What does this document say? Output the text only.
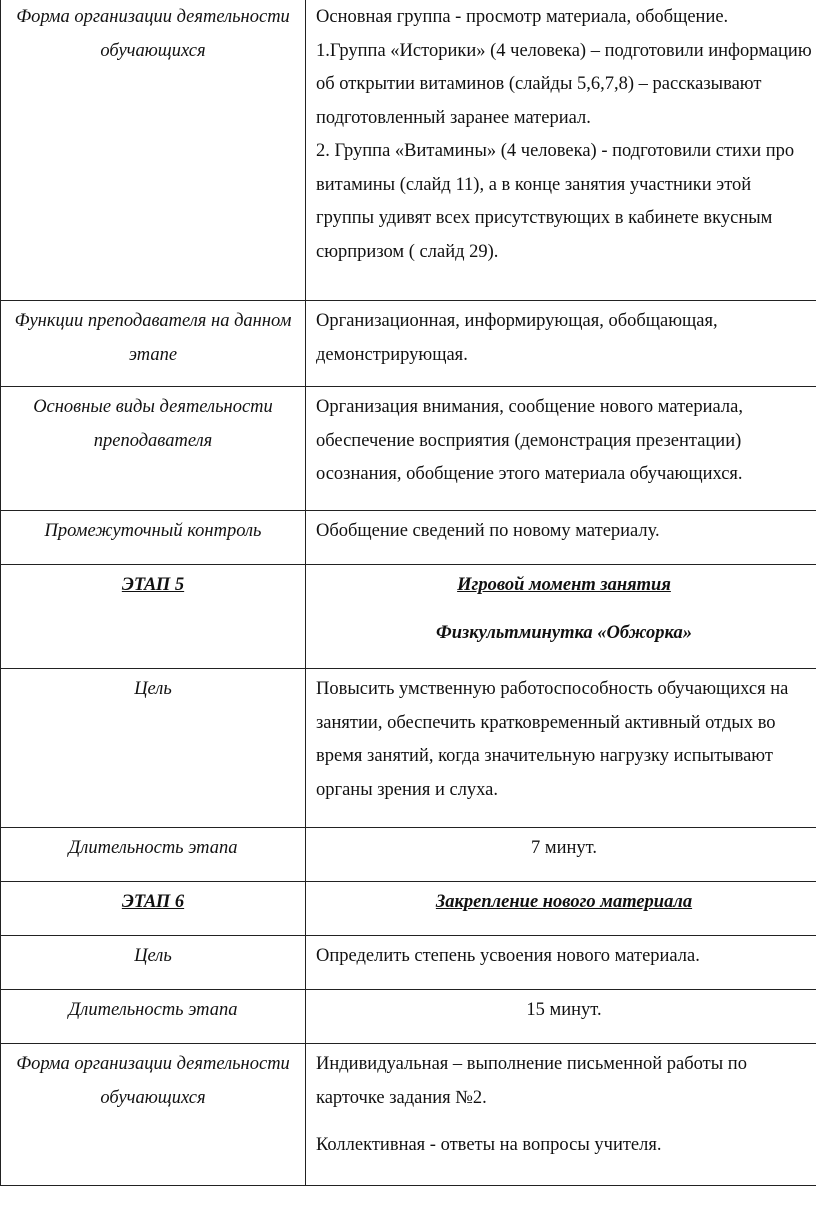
Форма организации деятельности обучающихся	Основная группа - просмотр материала, обобщение.

1.Группа «Историки» (4 человека) – подготовили информацию об открытии витаминов (слайды 5,6,7,8) – рассказывают подготовленный заранее материал.

2. Группа «Витамины» (4 человека) - подготовили стихи про витамины (слайд 11), а в конце занятия участники этой группы удивят всех присутствующих в кабинете вкусным сюрпризом ( слайд 29).

Функции преподавателя на данном этапе	Организационная, информирующая, обобщающая, демонстрирующая.

Основные виды деятельности преподавателя	Организация внимания, сообщение нового материала, обеспечение восприятия (демонстрация презентации) осознания, обобщение этого материала обучающихся.

Промежуточный контроль	Обобщение сведений по новому материалу.

ЭТАП 5	Игровой момент занятия

Физкультминутка «Обжорка»

Цель	Повысить умственную работоспособность обучающихся на занятии, обеспечить кратковременный активный отдых во время занятий, когда значительную нагрузку испытывают органы зрения и слуха.

Длительность этапа	7 минут.

ЭТАП 6	Закрепление нового материала

Цель	Определить степень усвоения нового материала.

Длительность этапа	15 минут.

Форма организации деятельности обучающихся	Индивидуальная – выполнение письменной работы по карточке задания №2.

Коллективная - ответы на вопросы учителя.
